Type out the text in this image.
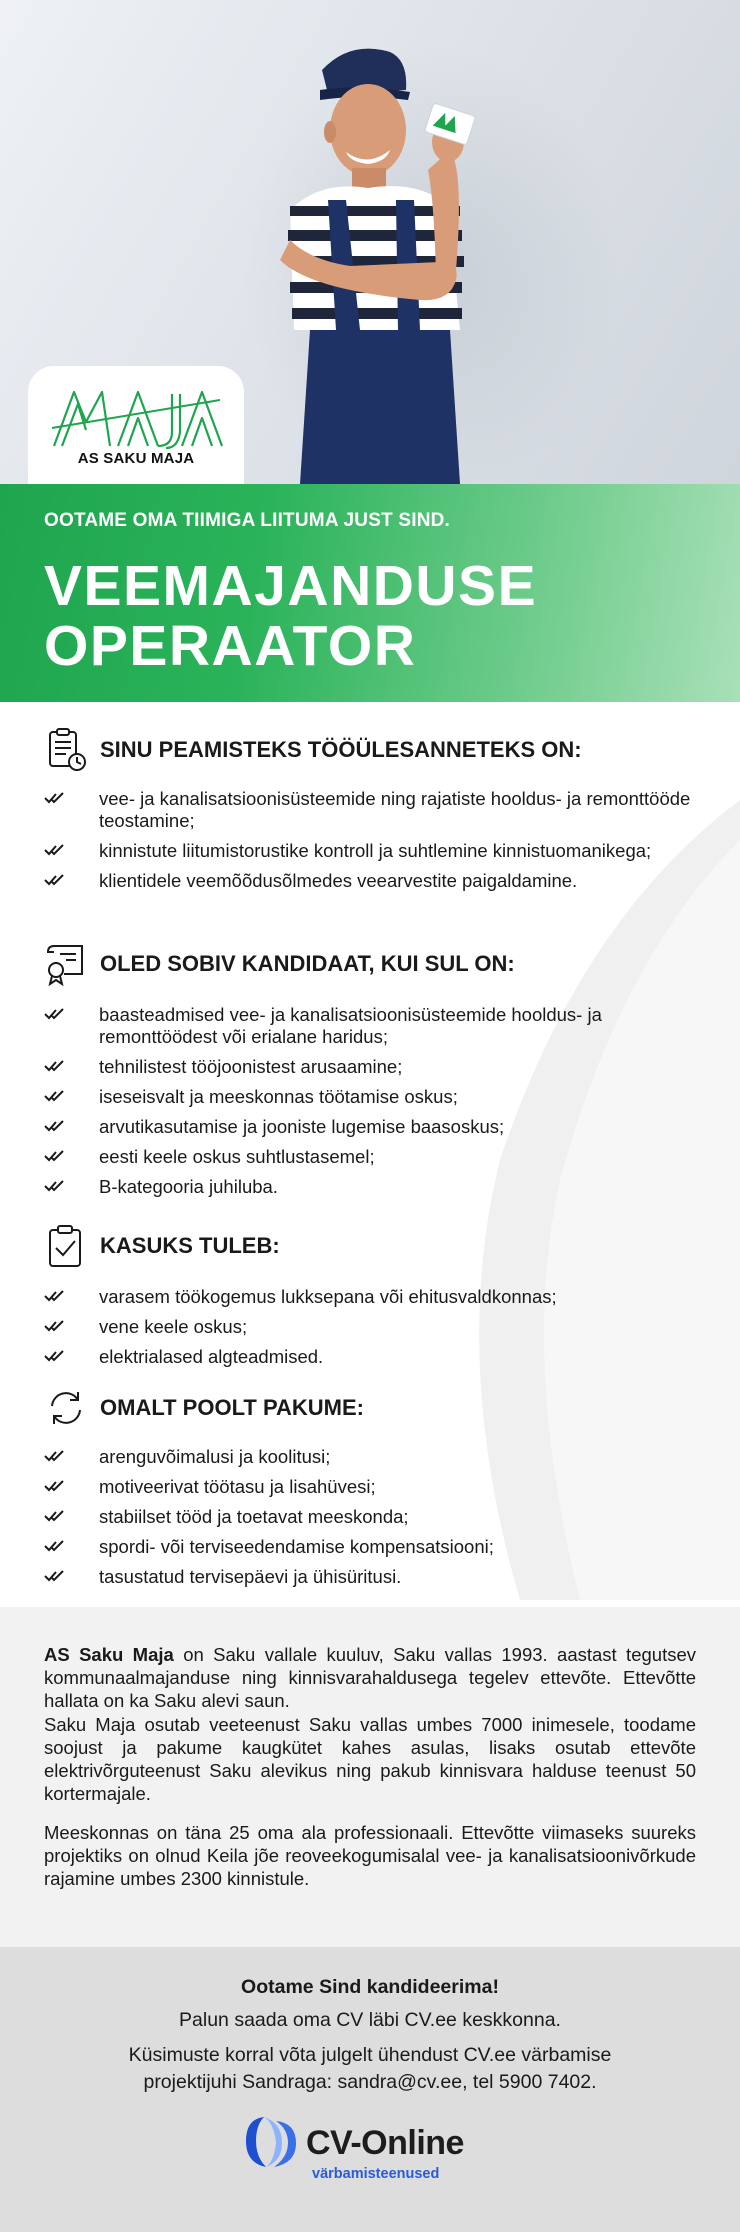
AS SAKU MAJA
OOTAME OMA TIIMIGA LIITUMA JUST SIND.
VEEMAJANDUSE
OPERAATOR
SINU PEAMISTEKS TÖÖÜLESANNETEKS ON:
vee- ja kanalisatsioonisüsteemide ning rajatiste hooldus- ja remonttööde teostamine;
kinnistute liitumistorustike kontroll ja suhtlemine kinnistuomanikega;
klientidele veemõõdusõlmedes veearvestite paigaldamine.
OLED SOBIV KANDIDAAT, KUI SUL ON:
baasteadmised vee- ja kanalisatsioonisüsteemide hooldus- ja remonttöödest või erialane haridus;
tehnilistest tööjoonistest arusaamine;
iseseisvalt ja meeskonnas töötamise oskus;
arvutikasutamise ja jooniste lugemise baasoskus;
eesti keele oskus suhtlustasemel;
B-kategooria juhiluba.
KASUKS TULEB:
varasem töökogemus lukksepana või ehitusvaldkonnas;
vene keele oskus;
elektrialased algteadmised.
OMALT POOLT PAKUME:
arenguvõimalusi ja koolitusi;
motiveerivat töötasu ja lisahüvesi;
stabiilset tööd ja toetavat meeskonda;
spordi- või terviseedendamise kompensatsiooni;
tasustatud tervisepäevi ja ühisüritusi.

AS Saku Maja on Saku vallale kuuluv, Saku vallas 1993. aastast tegutsev kommunaalmajanduse ning kinnisvarahaldusega tegelev ettevõte. Ettevõtte hallata on ka Saku alevi saun.

Saku Maja osutab veeteenust Saku vallas umbes 7000 inimesele, toodame soojust ja pakume kaugkütet kahes asulas, lisaks osutab ettevõte elektrivõrguteenust Saku alevikus ning pakub kinnisvara halduse teenust 50 kortermajale.

Meeskonnas on täna 25 oma ala professionaali. Ettevõtte viimaseks suureks projektiks on olnud Keila jõe reoveekogumisalal vee- ja kanalisatsioonivõrkude rajamine umbes 2300 kinnistule.

Ootame Sind kandideerima!
Palun saada oma CV läbi CV.ee keskkonna.
Küsimuste korral võta julgelt ühendust CV.ee värbamise
projektijuhi Sandraga: sandra@cv.ee, tel 5900 7402.
CV-Online
värbamisteenused
